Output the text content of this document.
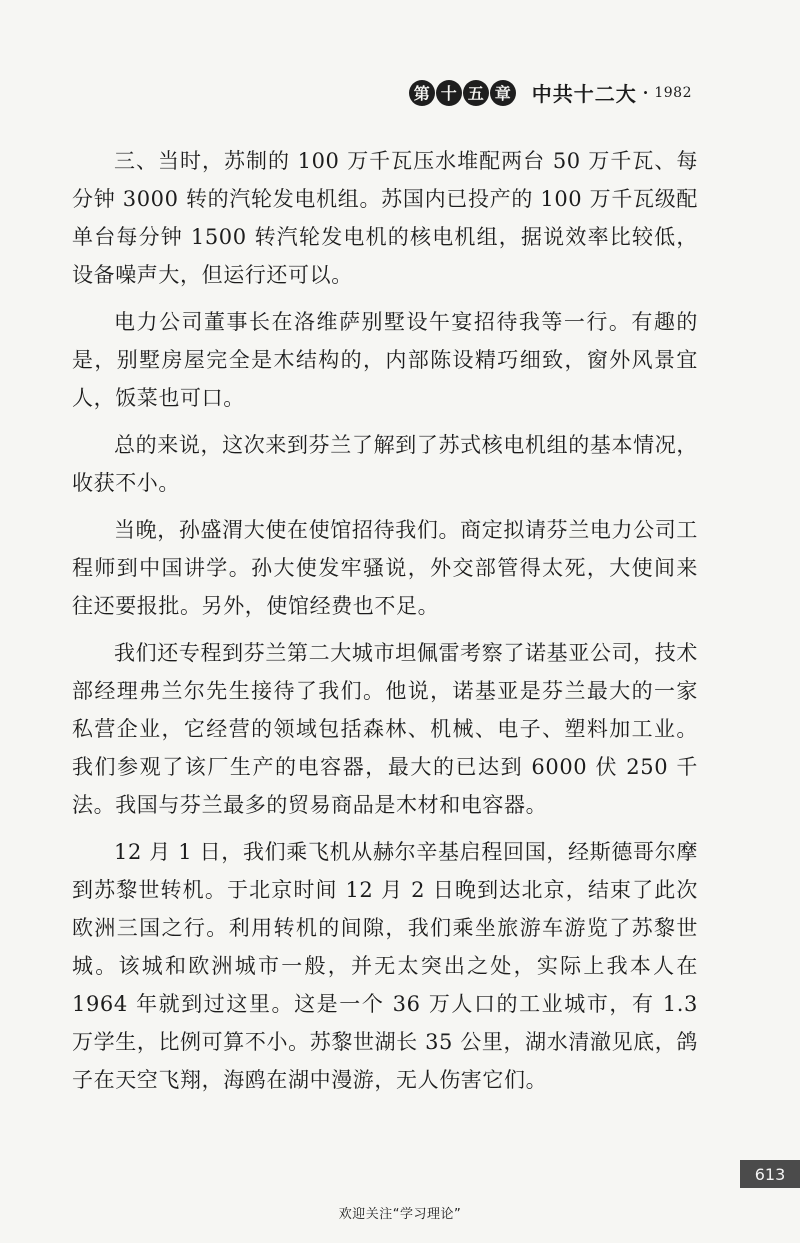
第 十 五 章 中共十二大 · 1982

三、当时，苏制的 100 万千瓦压水堆配两台 50 万千瓦、每分钟 3000 转的汽轮发电机组。苏国内已投产的 100 万千瓦级配单台每分钟 1500 转汽轮发电机的核电机组，据说效率比较低，设备噪声大，但运行还可以。

电力公司董事长在洛维萨别墅设午宴招待我等一行。有趣的是，别墅房屋完全是木结构的，内部陈设精巧细致，窗外风景宜人，饭菜也可口。

总的来说，这次来到芬兰了解到了苏式核电机组的基本情况，收获不小。

当晚，孙盛渭大使在使馆招待我们。商定拟请芬兰电力公司工程师到中国讲学。孙大使发牢骚说，外交部管得太死，大使间来往还要报批。另外，使馆经费也不足。

我们还专程到芬兰第二大城市坦佩雷考察了诺基亚公司，技术部经理弗兰尔先生接待了我们。他说，诺基亚是芬兰最大的一家私营企业，它经营的领域包括森林、机械、电子、塑料加工业。我们参观了该厂生产的电容器，最大的已达到 6000 伏 250 千法。我国与芬兰最多的贸易商品是木材和电容器。

12 月 1 日，我们乘飞机从赫尔辛基启程回国，经斯德哥尔摩到苏黎世转机。于北京时间 12 月 2 日晚到达北京，结束了此次欧洲三国之行。利用转机的间隙，我们乘坐旅游车游览了苏黎世城。该城和欧洲城市一般，并无太突出之处，实际上我本人在 1964 年就到过这里。这是一个 36 万人口的工业城市，有 1.3 万学生，比例可算不小。苏黎世湖长 35 公里，湖水清澈见底，鸽子在天空飞翔，海鸥在湖中漫游，无人伤害它们。

613
欢迎关注“学习理论”
